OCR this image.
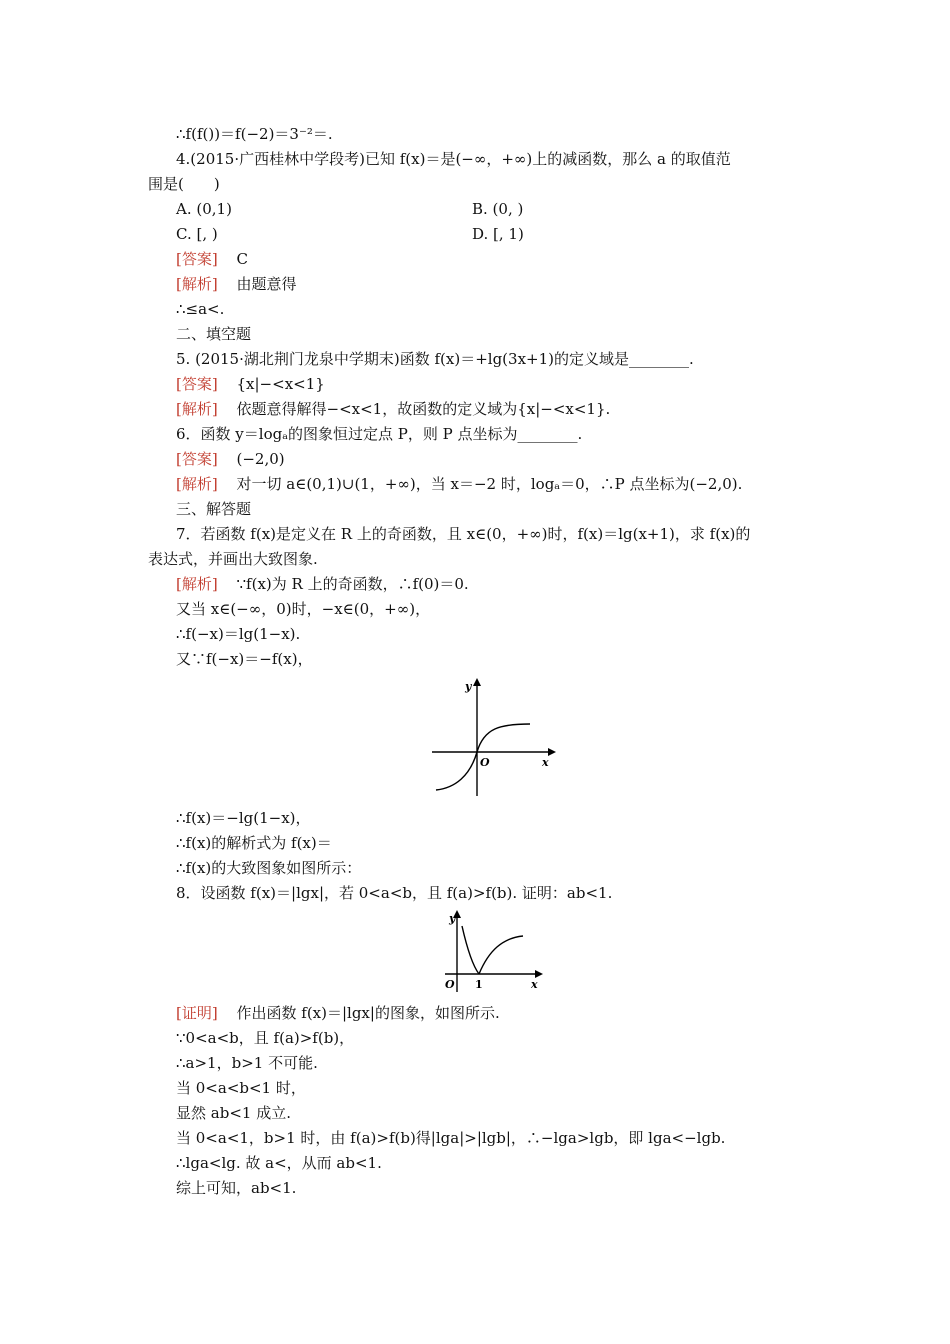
∴f(f())＝f(−2)＝3⁻²＝.
4.(2015·广西桂林中学段考)已知 f(x)＝是(−∞，+∞)上的减函数，那么 a 的取值范
围是(　　)
A. (0,1)	B. (0, )
C. [, )	D. [, 1)
[答案] C
[解析] 由题意得
∴≤a<.
二、填空题
5. (2015·湖北荆门龙泉中学期末)函数 f(x)＝+lg(3x+1)的定义域是________.
[答案] {x|−<x<1}
[解析] 依题意得解得−<x<1，故函数的定义域为{x|−<x<1}.
6．函数 y＝logₐ的图象恒过定点 P，则 P 点坐标为________.
[答案] (−2,0)
[解析] 对一切 a∈(0,1)∪(1，+∞)，当 x＝−2 时，logₐ＝0，∴P 点坐标为(−2,0).
三、解答题
7．若函数 f(x)是定义在 R 上的奇函数，且 x∈(0，+∞)时，f(x)＝lg(x+1)，求 f(x)的
表达式，并画出大致图象.
[解析] ∵f(x)为 R 上的奇函数，∴f(0)＝0.
又当 x∈(−∞，0)时，−x∈(0，+∞)，
∴f(−x)＝lg(1−x).
又∵f(−x)＝−f(x)，
y
x
O
∴f(x)＝−lg(1−x)，
∴f(x)的解析式为 f(x)＝
∴f(x)的大致图象如图所示：
8．设函数 f(x)＝|lgx|，若 0<a<b，且 f(a)>f(b). 证明：ab<1.
y
x
O 1
[证明] 作出函数 f(x)＝|lgx|的图象，如图所示.
∵0<a<b，且 f(a)>f(b)，
∴a>1，b>1 不可能.
当 0<a<b<1 时，
显然 ab<1 成立.
当 0<a<1，b>1 时，由 f(a)>f(b)得|lga|>|lgb|，∴−lga>lgb，即 lga<−lgb.
∴lga<lg. 故 a<，从而 ab<1.
综上可知，ab<1.
